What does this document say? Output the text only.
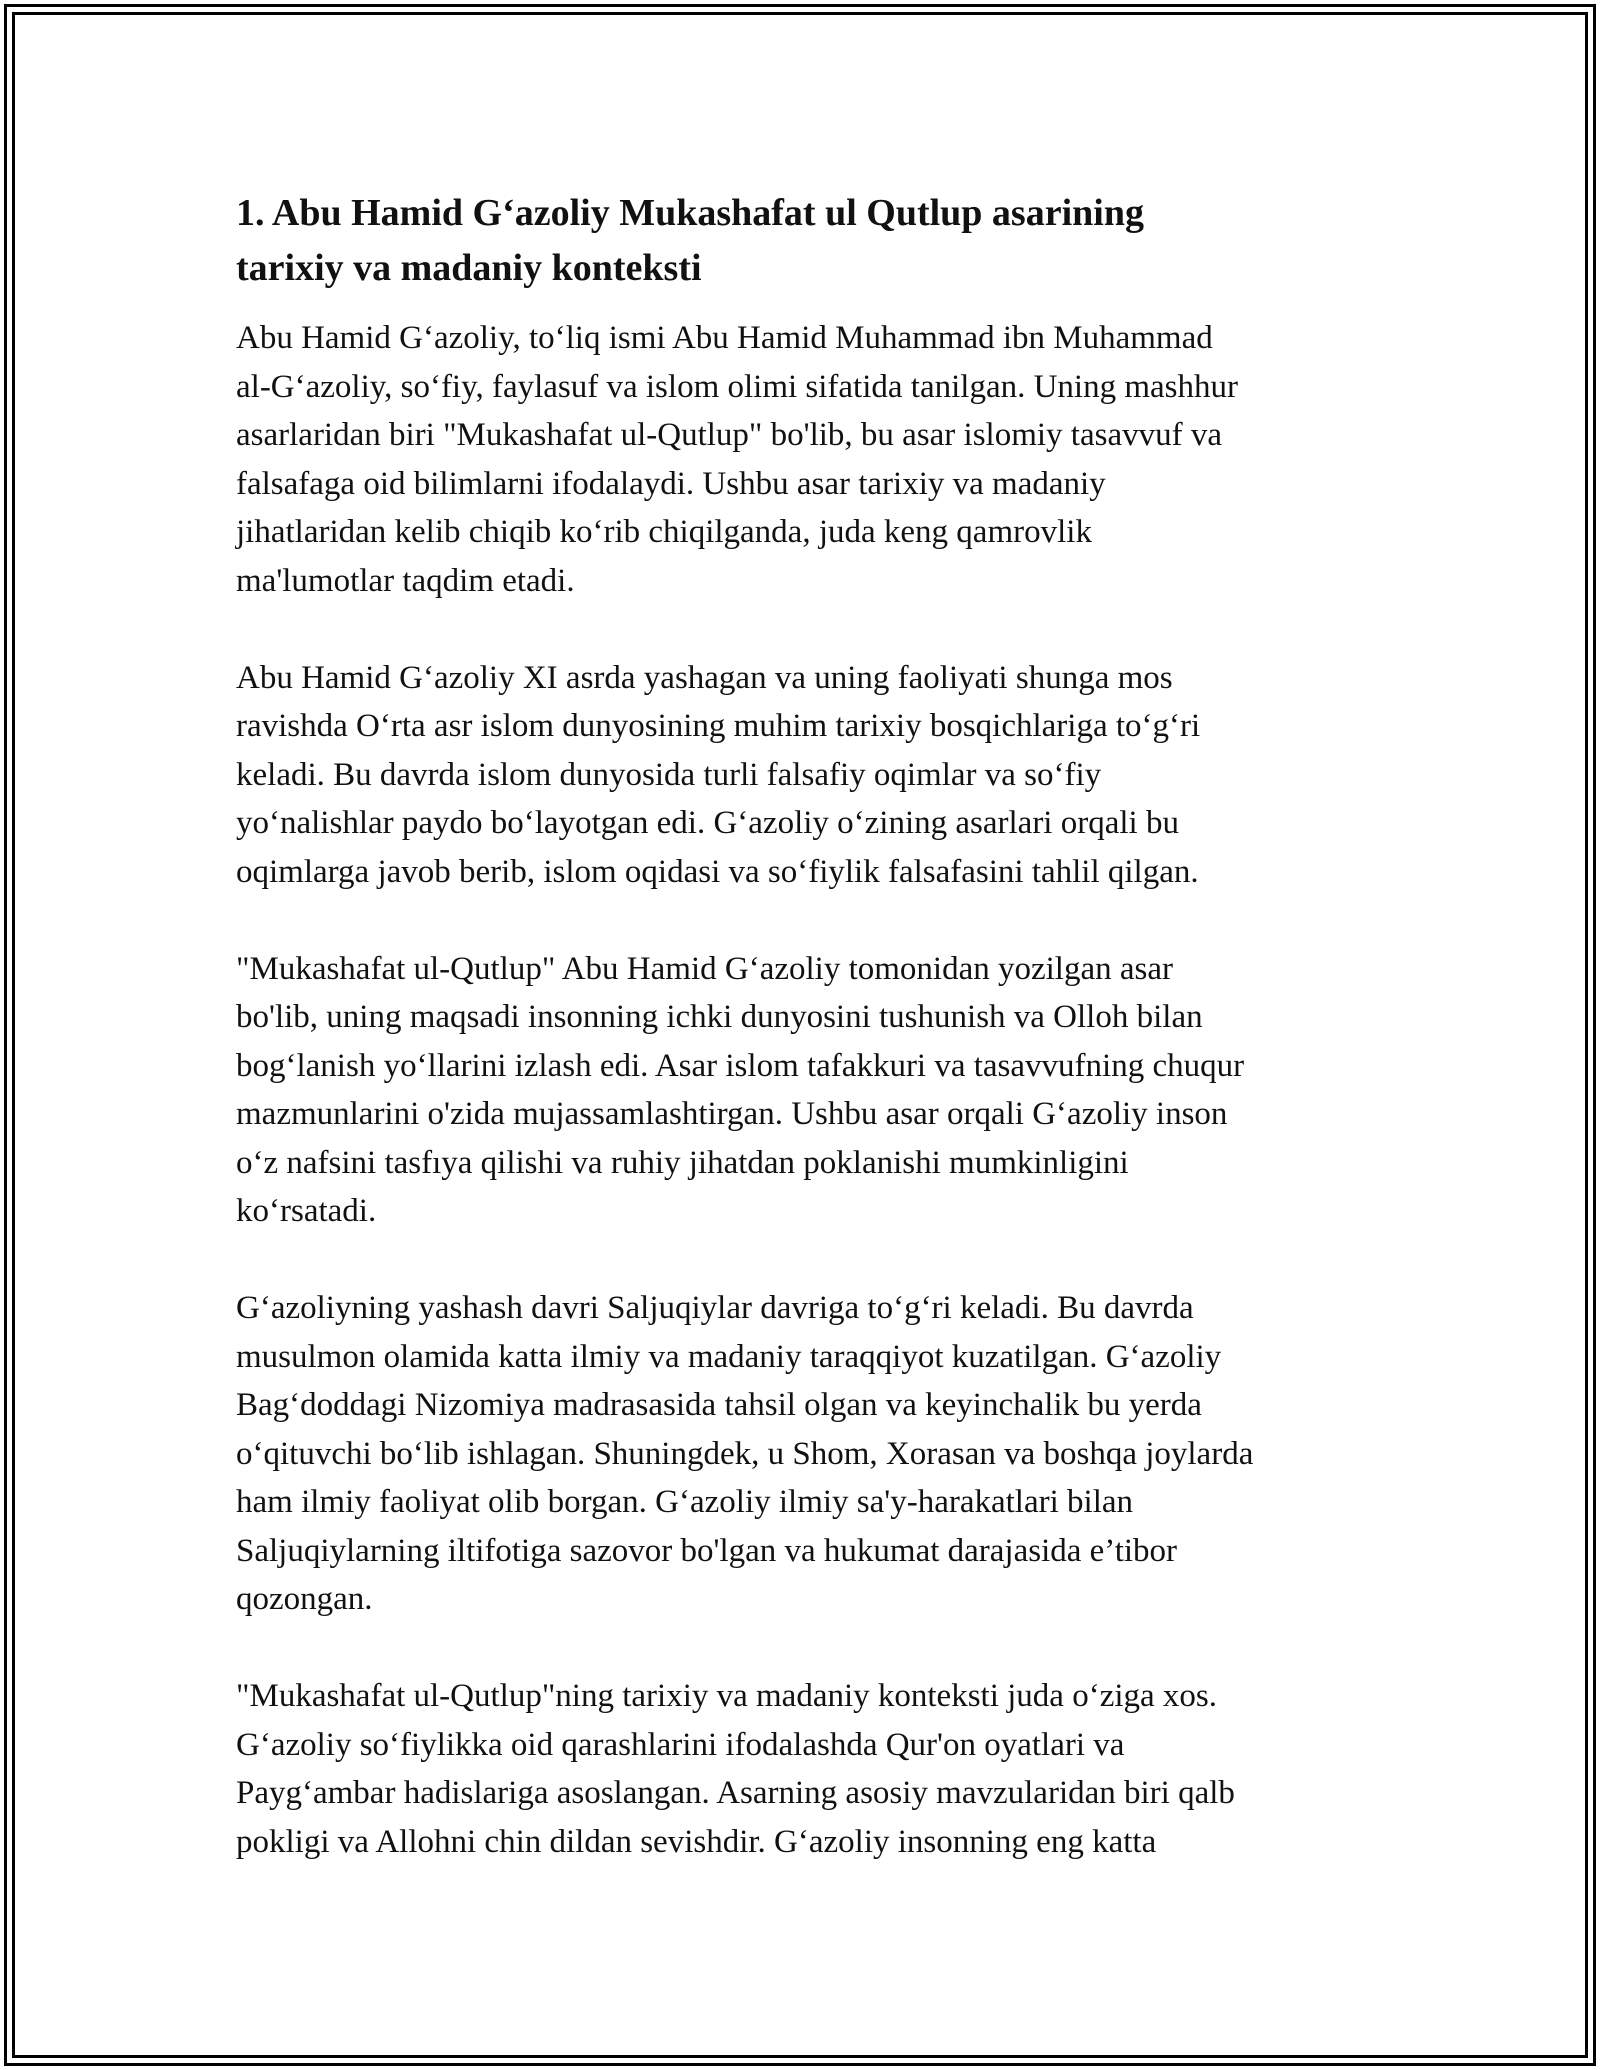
1. Abu Hamid G‘azoliy Mukashafat ul Qutlup asarining
tarixiy va madaniy konteksti

Abu Hamid G‘azoliy, to‘liq ismi Abu Hamid Muhammad ibn Muhammad
al-G‘azoliy, so‘fiy, faylasuf va islom olimi sifatida tanilgan. Uning mashhur
asarlaridan biri "Mukashafat ul-Qutlup" bo'lib, bu asar islomiy tasavvuf va
falsafaga oid bilimlarni ifodalaydi. Ushbu asar tarixiy va madaniy
jihatlaridan kelib chiqib ko‘rib chiqilganda, juda keng qamrovlik
ma'lumotlar taqdim etadi.

Abu Hamid G‘azoliy XI asrda yashagan va uning faoliyati shunga mos
ravishda O‘rta asr islom dunyosining muhim tarixiy bosqichlariga to‘g‘ri
keladi. Bu davrda islom dunyosida turli falsafiy oqimlar va so‘fiy
yo‘nalishlar paydo bo‘layotgan edi. G‘azoliy o‘zining asarlari orqali bu
oqimlarga javob berib, islom oqidasi va so‘fiylik falsafasini tahlil qilgan.

"Mukashafat ul-Qutlup" Abu Hamid G‘azoliy tomonidan yozilgan asar
bo'lib, uning maqsadi insonning ichki dunyosini tushunish va Olloh bilan
bog‘lanish yo‘llarini izlash edi. Asar islom tafakkuri va tasavvufning chuqur
mazmunlarini o'zida mujassamlashtirgan. Ushbu asar orqali G‘azoliy inson
o‘z nafsini tasfıya qilishi va ruhiy jihatdan poklanishi mumkinligini
ko‘rsatadi.

G‘azoliyning yashash davri Saljuqiylar davriga to‘g‘ri keladi. Bu davrda
musulmon olamida katta ilmiy va madaniy taraqqiyot kuzatilgan. G‘azoliy
Bag‘doddagi Nizomiya madrasasida tahsil olgan va keyinchalik bu yerda
o‘qituvchi bo‘lib ishlagan. Shuningdek, u Shom, Xorasan va boshqa joylarda
ham ilmiy faoliyat olib borgan. G‘azoliy ilmiy sa'y-harakatlari bilan
Saljuqiylarning iltifotiga sazovor bo'lgan va hukumat darajasida e’tibor
qozongan.

"Mukashafat ul-Qutlup"ning tarixiy va madaniy konteksti juda o‘ziga xos.
G‘azoliy so‘fiylikka oid qarashlarini ifodalashda Qur'on oyatlari va
Payg‘ambar hadislariga asoslangan. Asarning asosiy mavzularidan biri qalb
pokligi va Allohni chin dildan sevishdir. G‘azoliy insonning eng katta
